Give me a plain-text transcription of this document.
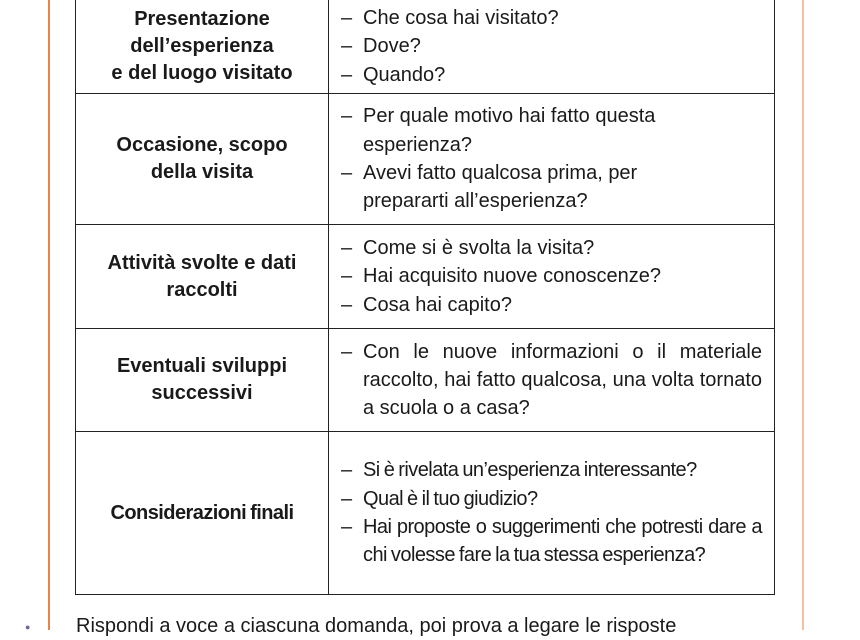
Presentazione
dell’esperienza
e del luogo visitato
– Che cosa hai visitato?
– Dove?
– Quando?
Occasione, scopo
della visita
– Per quale motivo hai fatto questa esperienza?
– Avevi fatto qualcosa prima, per prepararti all’esperienza?
Attività svolte e dati
raccolti
– Come si è svolta la visita?
– Hai acquisito nuove conoscenze?
– Cosa hai capito?
Eventuali sviluppi
successivi
– Con le nuove informazioni o il materiale raccolto, hai fatto qualcosa, una volta tornato a scuola o a casa?
Considerazioni finali
– Si è rivelata un’esperienza interessante?
– Qual è il tuo giudizio?
– Hai proposte o suggerimenti che potresti dare a chi volesse fare la tua stessa esperienza?
● Rispondi a voce a ciascuna domanda, poi prova a legare le risposte
